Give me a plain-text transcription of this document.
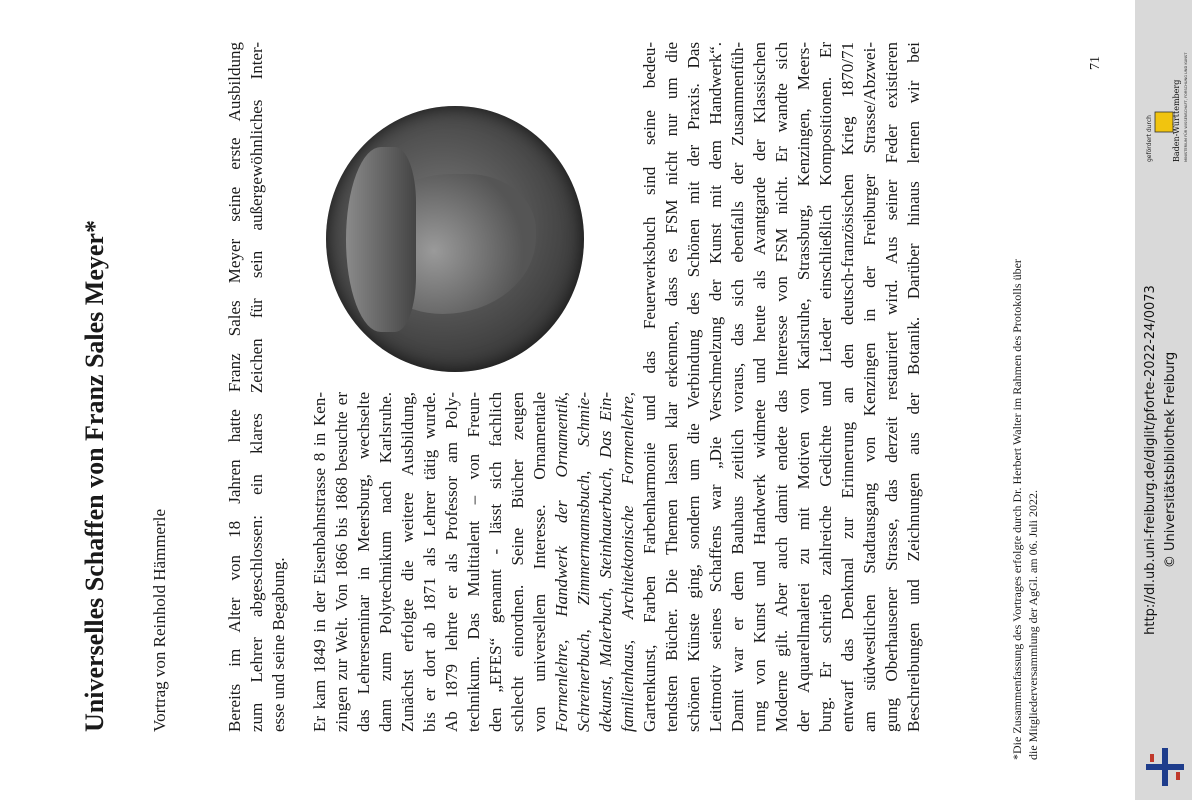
Universelles Schaffen von Franz Sales Meyer* Vortrag von Reinhold Hämmerle	Bereits im Alter von 18 Jahren hatte Franz Sales Meyer seine erste Ausbildung zum Lehrer abgeschlossen: ein klares Zeichen für sein außergewöhnliches Inter- esse und seine Begabung. Er kam 1849 in der Eisenbahnstrasse 8 in Ken- zingen zur Welt. Von 1866 bis 1868 besuchte er das Lehrerseminar in Meersburg, wechselte dann zum Polytechnikum nach Karlsruhe. Zunächst erfolgte die weitere Ausbildung, bis er dort ab 1871 als Lehrer tätig wurde. Ab 1879 lehrte er als Professor am Poly- technikum. Das Multitalent – von Freun- den „EFES“ genannt - lässt sich fachlich schlecht einordnen. Seine Bücher zeugen von universellem Interesse. Ornamentale Formenlehre, Handwerk der Ornamentik, Schreinerbuch, Zimmermannsbuch, Schmie- dekunst, Malerbuch, Steinhauerbuch, Das Ein- familienhaus, Architektonische Formenlehre, Gartenkunst, Farben Farbenharmonie und das Feuerwerksbuch sind seine bedeu- tendsten Bücher. Die Themen lassen klar erkennen, dass es FSM nicht nur um die schönen Künste ging, sondern um die Verbindung des Schönen mit der Praxis. Das Leitmotiv seines Schaffens war „Die Verschmelzung der Kunst mit dem Handwerk“. Damit war er dem Bauhaus zeitlich voraus, das sich ebenfalls der Zusammenfüh- rung von Kunst und Handwerk widmete und heute als Avantgarde der Klassischen Moderne gilt. Aber auch damit endete das Interesse von FSM nicht. Er wandte sich der Aquarellmalerei zu mit Motiven von Karlsruhe, Strassburg, Kenzingen, Meers- burg. Er schrieb zahlreiche Gedichte und Lieder einschließlich Kompositionen. Er entwarf das Denkmal zur Erinnerung an den deutsch-französischen Krieg 1870/71 am südwestlichen Stadtausgang von Kenzingen in der Freiburger Strasse/Abzwei- gung Oberhausener Strasse, das derzeit restauriert wird. Aus seiner Feder existieren Beschreibungen und Zeichnungen aus der Botanik. Darüber hinaus lernen wir bei	*Die Zusammenfassung des Vortrages erfolgte durch Dr. Herbert Walter im Rahmen des Protokolls über die Mitgliederversammlung der AgGl. am 06. Juli 2022.
71
gefördert durch Baden-Württemberg MINISTERIUM FÜR WISSENSCHAFT, FORSCHUNG UND KUNST
http://dl.ub.uni-freiburg.de/diglit/pforte-2022-24/0073 © Universitätsbibliothek Freiburg
